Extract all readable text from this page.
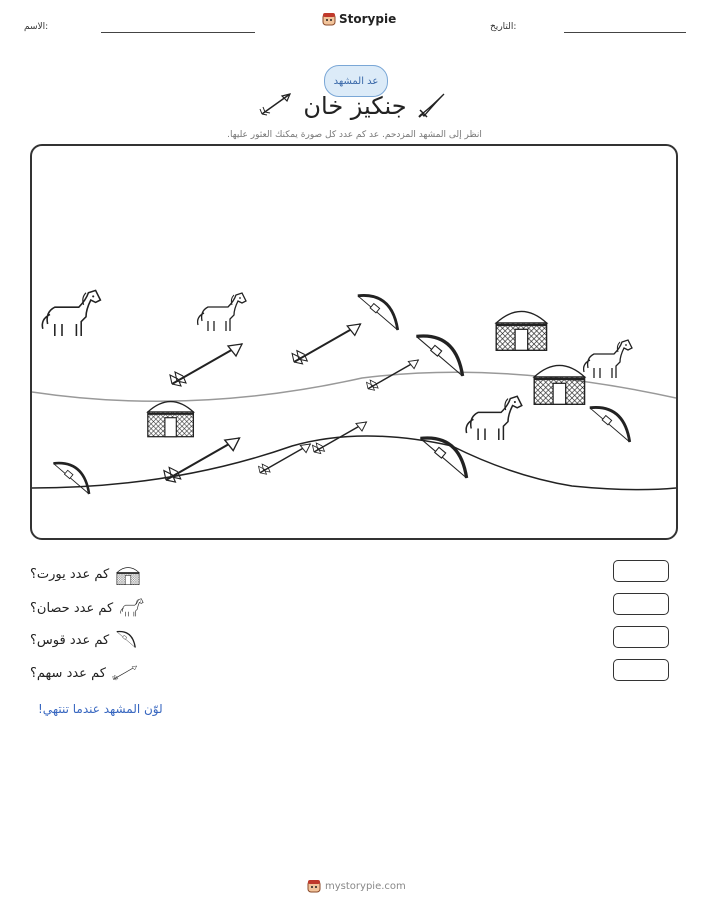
الاسم:	التاريخ:
Storypie
عد المشهد
جنكيز خان
انظر إلى المشهد المزدحم. عد كم عدد كل صورة يمكنك العثور عليها.
كم عدد يورت؟
كم عدد حصان؟
كم عدد قوس؟
كم عدد سهم؟
لوّن المشهد عندما تنتهي!
mystorypie.com
